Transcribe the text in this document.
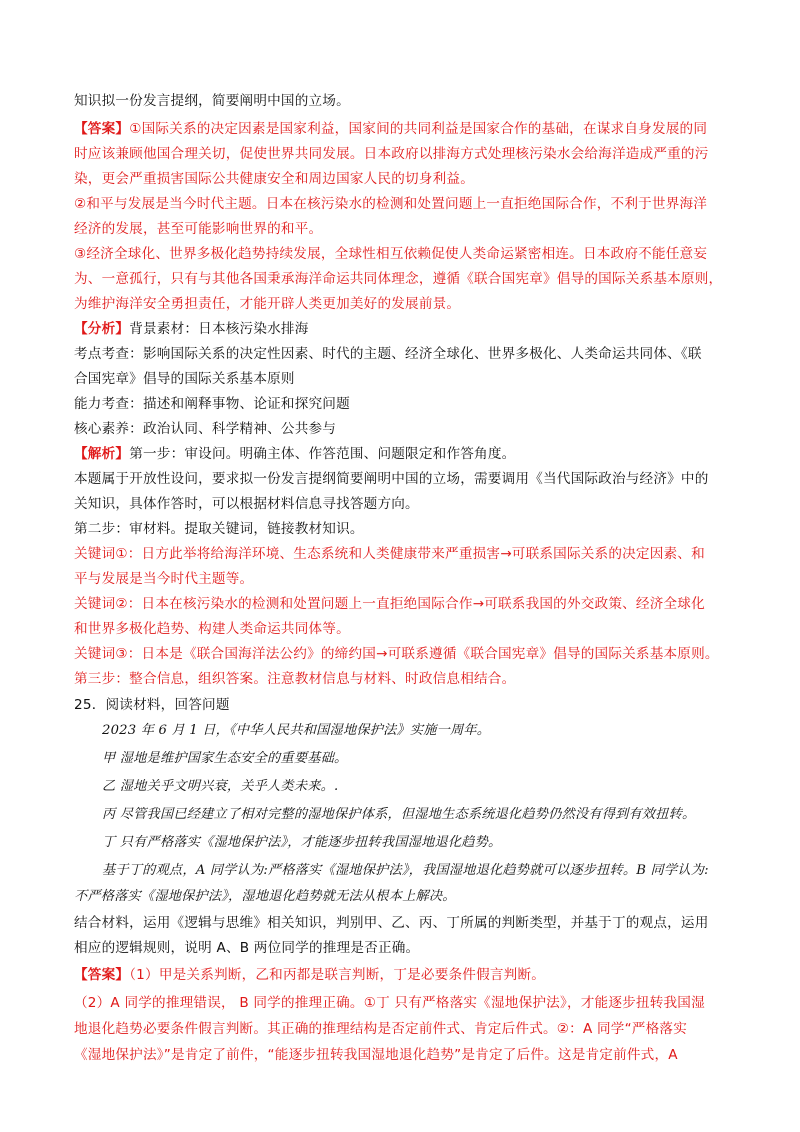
知识拟一份发言提纲，简要阐明中国的立场。
【答案】①国际关系的决定因素是国家利益，国家间的共同利益是国家合作的基础，在谋求自身发展的同
时应该兼顾他国合理关切，促使世界共同发展。日本政府以排海方式处理核污染水会给海洋造成严重的污
染，更会严重损害国际公共健康安全和周边国家人民的切身利益。
②和平与发展是当今时代主题。日本在核污染水的检测和处置问题上一直拒绝国际合作，不利于世界海洋
经济的发展，甚至可能影响世界的和平。
③经济全球化、世界多极化趋势持续发展，全球性相互依赖促使人类命运紧密相连。日本政府不能任意妄
为、一意孤行，只有与其他各国秉承海洋命运共同体理念，遵循《联合国宪章》倡导的国际关系基本原则，
为维护海洋安全勇担责任，才能开辟人类更加美好的发展前景。
【分析】背景素材：日本核污染水排海
考点考查：影响国际关系的决定性因素、时代的主题、经济全球化、世界多极化、人类命运共同体、《联
合国宪章》倡导的国际关系基本原则
能力考查：描述和阐释事物、论证和探究问题
核心素养：政治认同、科学精神、公共参与
【解析】第一步：审设问。明确主体、作答范围、问题限定和作答角度。
本题属于开放性设问，要求拟一份发言提纲简要阐明中国的立场，需要调用《当代国际政治与经济》中的
关知识，具体作答时，可以根据材料信息寻找答题方向。
第二步：审材料。提取关键词，链接教材知识。
关键词①：日方此举将给海洋环境、生态系统和人类健康带来严重损害→可联系国际关系的决定因素、和
平与发展是当今时代主题等。
关键词②：日本在核污染水的检测和处置问题上一直拒绝国际合作→可联系我国的外交政策、经济全球化
和世界多极化趋势、构建人类命运共同体等。
关键词③：日本是《联合国海洋法公约》的缔约国→可联系遵循《联合国宪章》倡导的国际关系基本原则。
第三步：整合信息，组织答案。注意教材信息与材料、时政信息相结合。
25．阅读材料，回答问题
2023 年 6 月 1 日，《中华人民共和国湿地保护法》实施一周年。
甲 湿地是维护国家生态安全的重要基础。
乙 湿地关乎文明兴衰，关乎人类未来。.
丙 尽管我国已经建立了相对完整的湿地保护体系，但湿地生态系统退化趋势仍然没有得到有效扭转。
丁 只有严格落实《湿地保护法》，才能逐步扭转我国湿地退化趋势。
基于丁的观点，A 同学认为:严格落实《湿地保护法》，我国湿地退化趋势就可以逐步扭转。B 同学认为:
不严格落实《湿地保护法》，湿地退化趋势就无法从根本上解决。
结合材料，运用《逻辑与思维》相关知识，判别甲、乙、丙、丁所属的判断类型，并基于丁的观点，运用
相应的逻辑规则，说明 A、B 两位同学的推理是否正确。
【答案】（1）甲是关系判断，乙和丙都是联言判断，丁是必要条件假言判断。
（2）A 同学的推理错误， B 同学的推理正确。①丁 只有严格落实《湿地保护法》，才能逐步扭转我国湿
地退化趋势必要条件假言判断。其正确的推理结构是否定前件式、肯定后件式。②：A 同学“严格落实
《湿地保护法》”是肯定了前件，“能逐步扭转我国湿地退化趋势”是肯定了后件。这是肯定前件式，A
